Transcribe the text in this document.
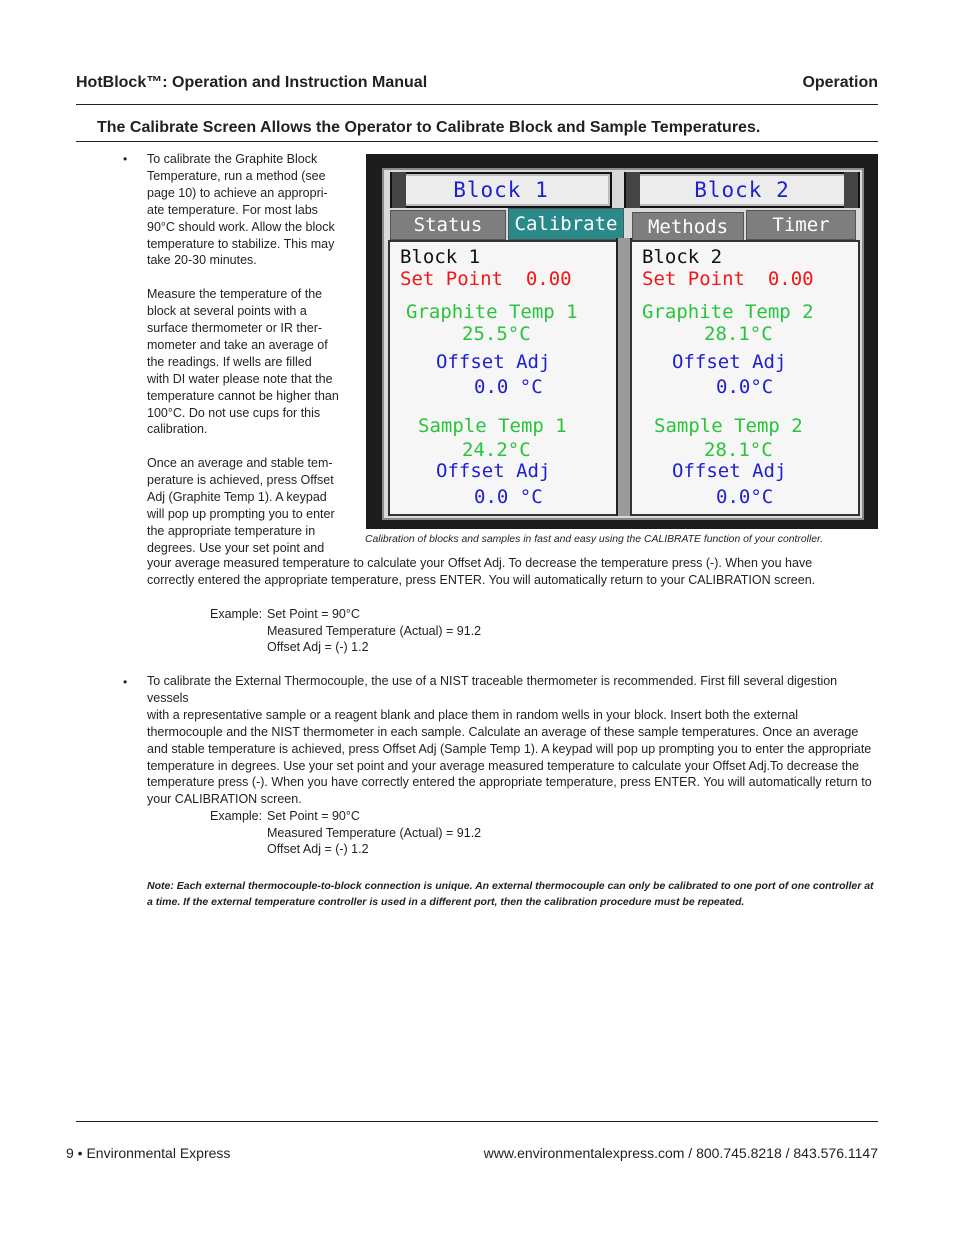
HotBlock™: Operation and Instruction Manual	Operation
The Calibrate Screen Allows the Operator to Calibrate Block and Sample Temperatures.
• To calibrate the Graphite Block
Temperature, run a method (see
page 10) to achieve an appropri-
ate temperature. For most labs
90°C should work. Allow the block
temperature to stabilize. This may
take 20-30 minutes.

Measure the temperature of the
block at several points with a
surface thermometer or IR ther-
mometer and take an average of
the readings. If wells are filled
with DI water please note that the
temperature cannot be higher than
100°C. Do not use cups for this
calibration.

Once an average and stable tem-
perature is achieved, press Offset
Adj (Graphite Temp 1). A keypad
will pop up prompting you to enter
the appropriate temperature in
degrees. Use your set point and

Block 1	Block 2
Status	Calibrate	Methods	Timer
Block 1
Set Point  0.00
Graphite Temp 1
25.5°C
Offset Adj
0.0 °C
Sample Temp 1
24.2°C
Offset Adj
0.0 °C
Block 2
Set Point  0.00
Graphite Temp 2
28.1°C
Offset Adj
0.0°C
Sample Temp 2
28.1°C
Offset Adj
0.0°C
Calibration of blocks and samples in fast and easy using the CALIBRATE function of your controller.

your average measured temperature to calculate your Offset Adj. To decrease the temperature press (-). When you have
correctly entered the appropriate temperature, press ENTER. You will automatically return to your CALIBRATION screen.

Example: Set Point = 90°C
Measured Temperature (Actual) = 91.2
Offset Adj = (-) 1.2
• To calibrate the External Thermocouple, the use of a NIST traceable thermometer is recommended. First fill several digestion vessels
with a representative sample or a reagent blank and place them in random wells in your block. Insert both the external
thermocouple and the NIST thermometer in each sample. Calculate an average of these sample temperatures. Once an average
and stable temperature is achieved, press Offset Adj (Sample Temp 1). A keypad will pop up prompting you to enter the appropriate
temperature in degrees. Use your set point and your average measured temperature to calculate your Offset Adj.To decrease the
temperature press (-). When you have correctly entered the appropriate temperature, press ENTER. You will automatically return to
your CALIBRATION screen.

Example: Set Point = 90°C
Measured Temperature (Actual) = 91.2
Offset Adj = (-) 1.2
Note: Each external thermocouple-to-block connection is unique. An external thermocouple can only be calibrated to one port of one controller at
a time. If the external temperature controller is used in a different port, then the calibration procedure must be repeated.
9 • Environmental Express	www.environmentalexpress.com / 800.745.8218 / 843.576.1147
